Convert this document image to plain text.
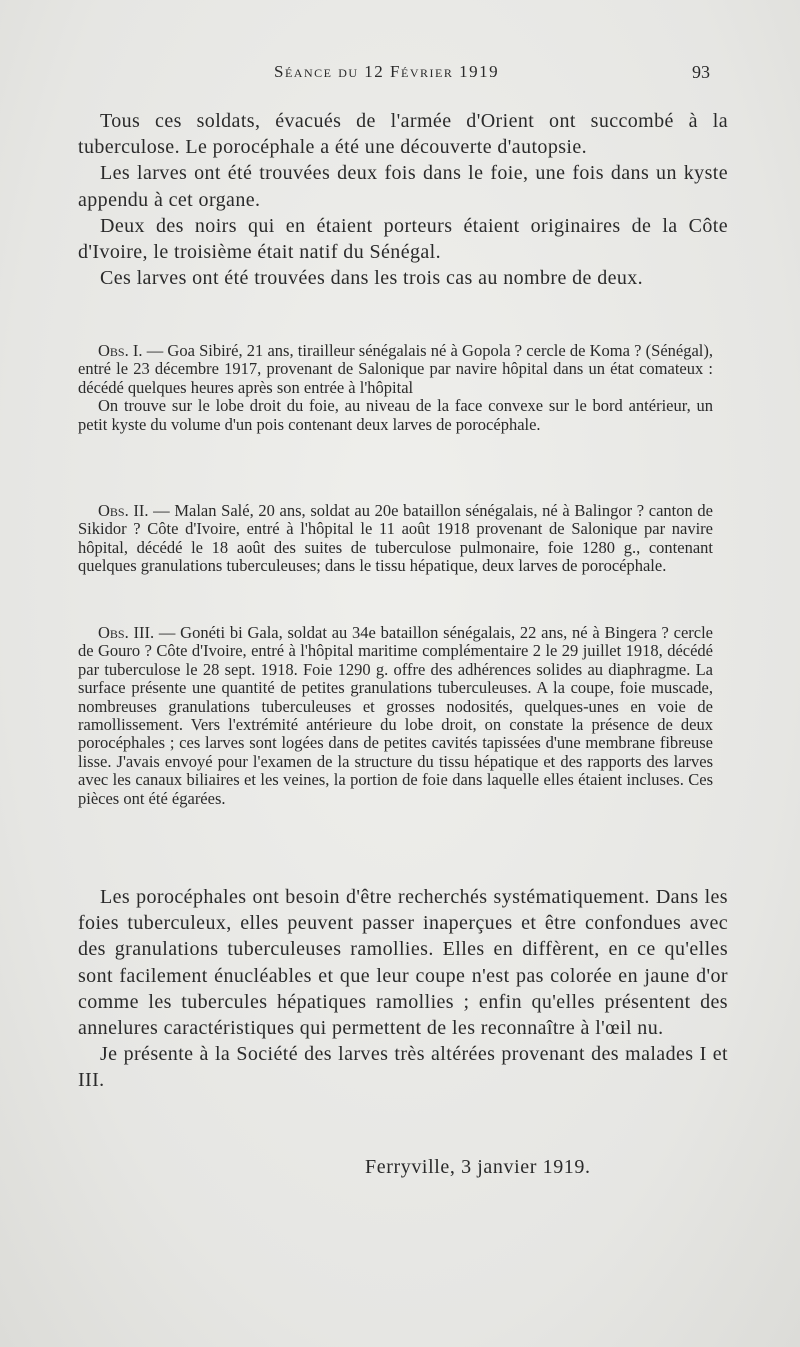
Séance du 12 Février 1919	93

Tous ces soldats, évacués de l'armée d'Orient ont succombé à la tuberculose. Le porocéphale a été une découverte d'autopsie.

Les larves ont été trouvées deux fois dans le foie, une fois dans un kyste appendu à cet organe.

Deux des noirs qui en étaient porteurs étaient originaires de la Côte d'Ivoire, le troisième était natif du Sénégal.

Ces larves ont été trouvées dans les trois cas au nombre de deux.

Obs. I. — Goa Sibiré, 21 ans, tirailleur sénégalais né à Gopola ? cercle de Koma ? (Sénégal), entré le 23 décembre 1917, provenant de Salonique par navire hôpital dans un état comateux : décédé quelques heures après son entrée à l'hôpital

On trouve sur le lobe droit du foie, au niveau de la face convexe sur le bord antérieur, un petit kyste du volume d'un pois contenant deux larves de porocéphale.

Obs. II. — Malan Salé, 20 ans, soldat au 20e bataillon sénégalais, né à Balingor ? canton de Sikidor ? Côte d'Ivoire, entré à l'hôpital le 11 août 1918 provenant de Salonique par navire hôpital, décédé le 18 août des suites de tuberculose pulmonaire, foie 1280 g., contenant quelques granulations tuberculeuses; dans le tissu hépatique, deux larves de porocéphale.

Obs. III. — Gonéti bi Gala, soldat au 34e bataillon sénégalais, 22 ans, né à Bingera ? cercle de Gouro ? Côte d'Ivoire, entré à l'hôpital maritime complémentaire 2 le 29 juillet 1918, décédé par tuberculose le 28 sept. 1918. Foie 1290 g. offre des adhérences solides au diaphragme. La surface présente une quantité de petites granulations tuberculeuses. A la coupe, foie muscade, nombreuses granulations tuberculeuses et grosses nodosités, quelques-unes en voie de ramollissement. Vers l'extrémité antérieure du lobe droit, on constate la présence de deux porocéphales ; ces larves sont logées dans de petites cavités tapissées d'une membrane fibreuse lisse. J'avais envoyé pour l'examen de la structure du tissu hépatique et des rapports des larves avec les canaux biliaires et les veines, la portion de foie dans laquelle elles étaient incluses. Ces pièces ont été égarées.

Les porocéphales ont besoin d'être recherchés systématiquement. Dans les foies tuberculeux, elles peuvent passer inaperçues et être confondues avec des granulations tuberculeuses ramollies. Elles en diffèrent, en ce qu'elles sont facilement énucléables et que leur coupe n'est pas colorée en jaune d'or comme les tubercules hépatiques ramollies ; enfin qu'elles présentent des annelures caractéristiques qui permettent de les reconnaître à l'œil nu.

Je présente à la Société des larves très altérées provenant des malades I et III.

Ferryville, 3 janvier 1919.
